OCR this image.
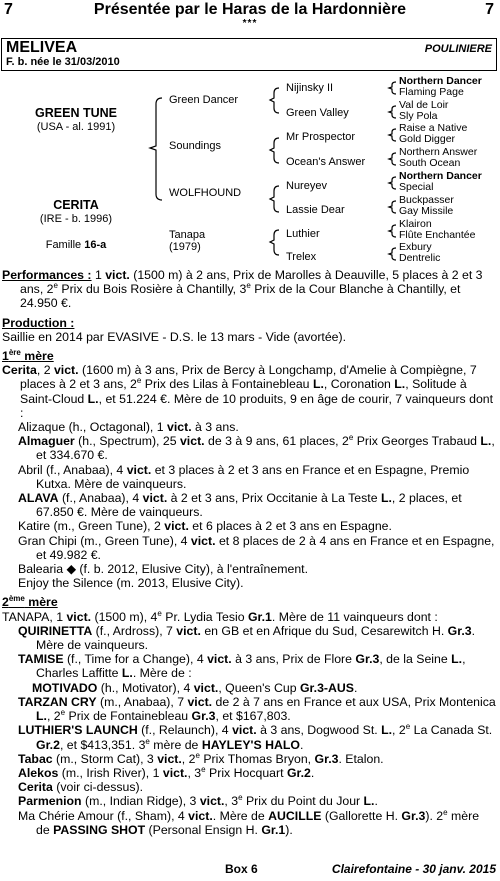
7	Présentée par le Haras de la Hardonnière	7
***
MELIVEA	POULINIERE
F. b. née le 31/03/2010
GREEN TUNE
(USA - al. 1991)
CERITA
(IRE - b. 1996)
Famille 16-a
Green Dancer
Soundings
WOLFHOUND
Tanapa
(1979)
Nijinsky II
Green Valley
Mr Prospector
Ocean's Answer
Nureyev
Lassie Dear
Luthier
Trelex
Northern Dancer
Flaming Page
Val de Loir
Sly Pola
Raise a Native
Gold Digger
Northern Answer
South Ocean
Northern Dancer
Special
Buckpasser
Gay Missile
Klairon
Flûte Enchantée
Exbury
Dentrelic

Performances : 1 vict. (1500 m) à 2 ans, Prix de Marolles à Deauville, 5 places à 2 et 3 ans, 2e Prix du Bois Rosière à Chantilly, 3e Prix de la Cour Blanche à Chantilly, et 24.950 €.

Production :

Saillie en 2014 par EVASIVE - D.S. le 13 mars - Vide (avortée).

1ère mère

Cerita, 2 vict. (1600 m) à 3 ans, Prix de Bercy à Longchamp, d'Amelie à Compiègne, 7 places à 2 et 3 ans, 2e Prix des Lilas à Fontainebleau L., Coronation L., Solitude à Saint-Cloud L., et 51.224 €. Mère de 10 produits, 9 en âge de courir, 7 vainqueurs dont :

Alizaque (h., Octagonal), 1 vict. à 3 ans.

Almaguer (h., Spectrum), 25 vict. de 3 à 9 ans, 61 places, 2e Prix Georges Trabaud L., et 334.670 €.

Abril (f., Anabaa), 4 vict. et 3 places à 2 et 3 ans en France et en Espagne, Premio Kutxa. Mère de vainqueurs.

ALAVA (f., Anabaa), 4 vict. à 2 et 3 ans, Prix Occitanie à La Teste L., 2 places, et 67.850 €. Mère de vainqueurs.

Katire (m., Green Tune), 2 vict. et 6 places à 2 et 3 ans en Espagne.

Gran Chipi (m., Green Tune), 4 vict. et 8 places de 2 à 4 ans en France et en Espagne, et 49.982 €.

Balearia ◆ (f. b. 2012, Elusive City), à l'entraînement.

Enjoy the Silence (m. 2013, Elusive City).

2ème mère

TANAPA, 1 vict. (1500 m), 4e Pr. Lydia Tesio Gr.1. Mère de 11 vainqueurs dont :

QUIRINETTA (f., Ardross), 7 vict. en GB et en Afrique du Sud, Cesarewitch H. Gr.3. Mère de vainqueurs.

TAMISE (f., Time for a Change), 4 vict. à 3 ans, Prix de Flore Gr.3, de la Seine L., Charles Laffitte L.. Mère de :

MOTIVADO (h., Motivator), 4 vict., Queen's Cup Gr.3-AUS.

TARZAN CRY (m., Anabaa), 7 vict. de 2 à 7 ans en France et aux USA, Prix Montenica L., 2e Prix de Fontainebleau Gr.3, et $167,803.

LUTHIER'S LAUNCH (f., Relaunch), 4 vict. à 3 ans, Dogwood St. L., 2e La Canada St. Gr.2, et $413,351. 3e mère de HAYLEY'S HALO.

Tabac (m., Storm Cat), 3 vict., 2e Prix Thomas Bryon, Gr.3. Etalon.

Alekos (m., Irish River), 1 vict., 3e Prix Hocquart Gr.2.

Cerita (voir ci-dessus).

Parmenion (m., Indian Ridge), 3 vict., 3e Prix du Point du Jour L..

Ma Chérie Amour (f., Sham), 4 vict.. Mère de AUCILLE (Gallorette H. Gr.3). 2e mère de PASSING SHOT (Personal Ensign H. Gr.1).

Box 6	Clairefontaine - 30 janv. 2015
